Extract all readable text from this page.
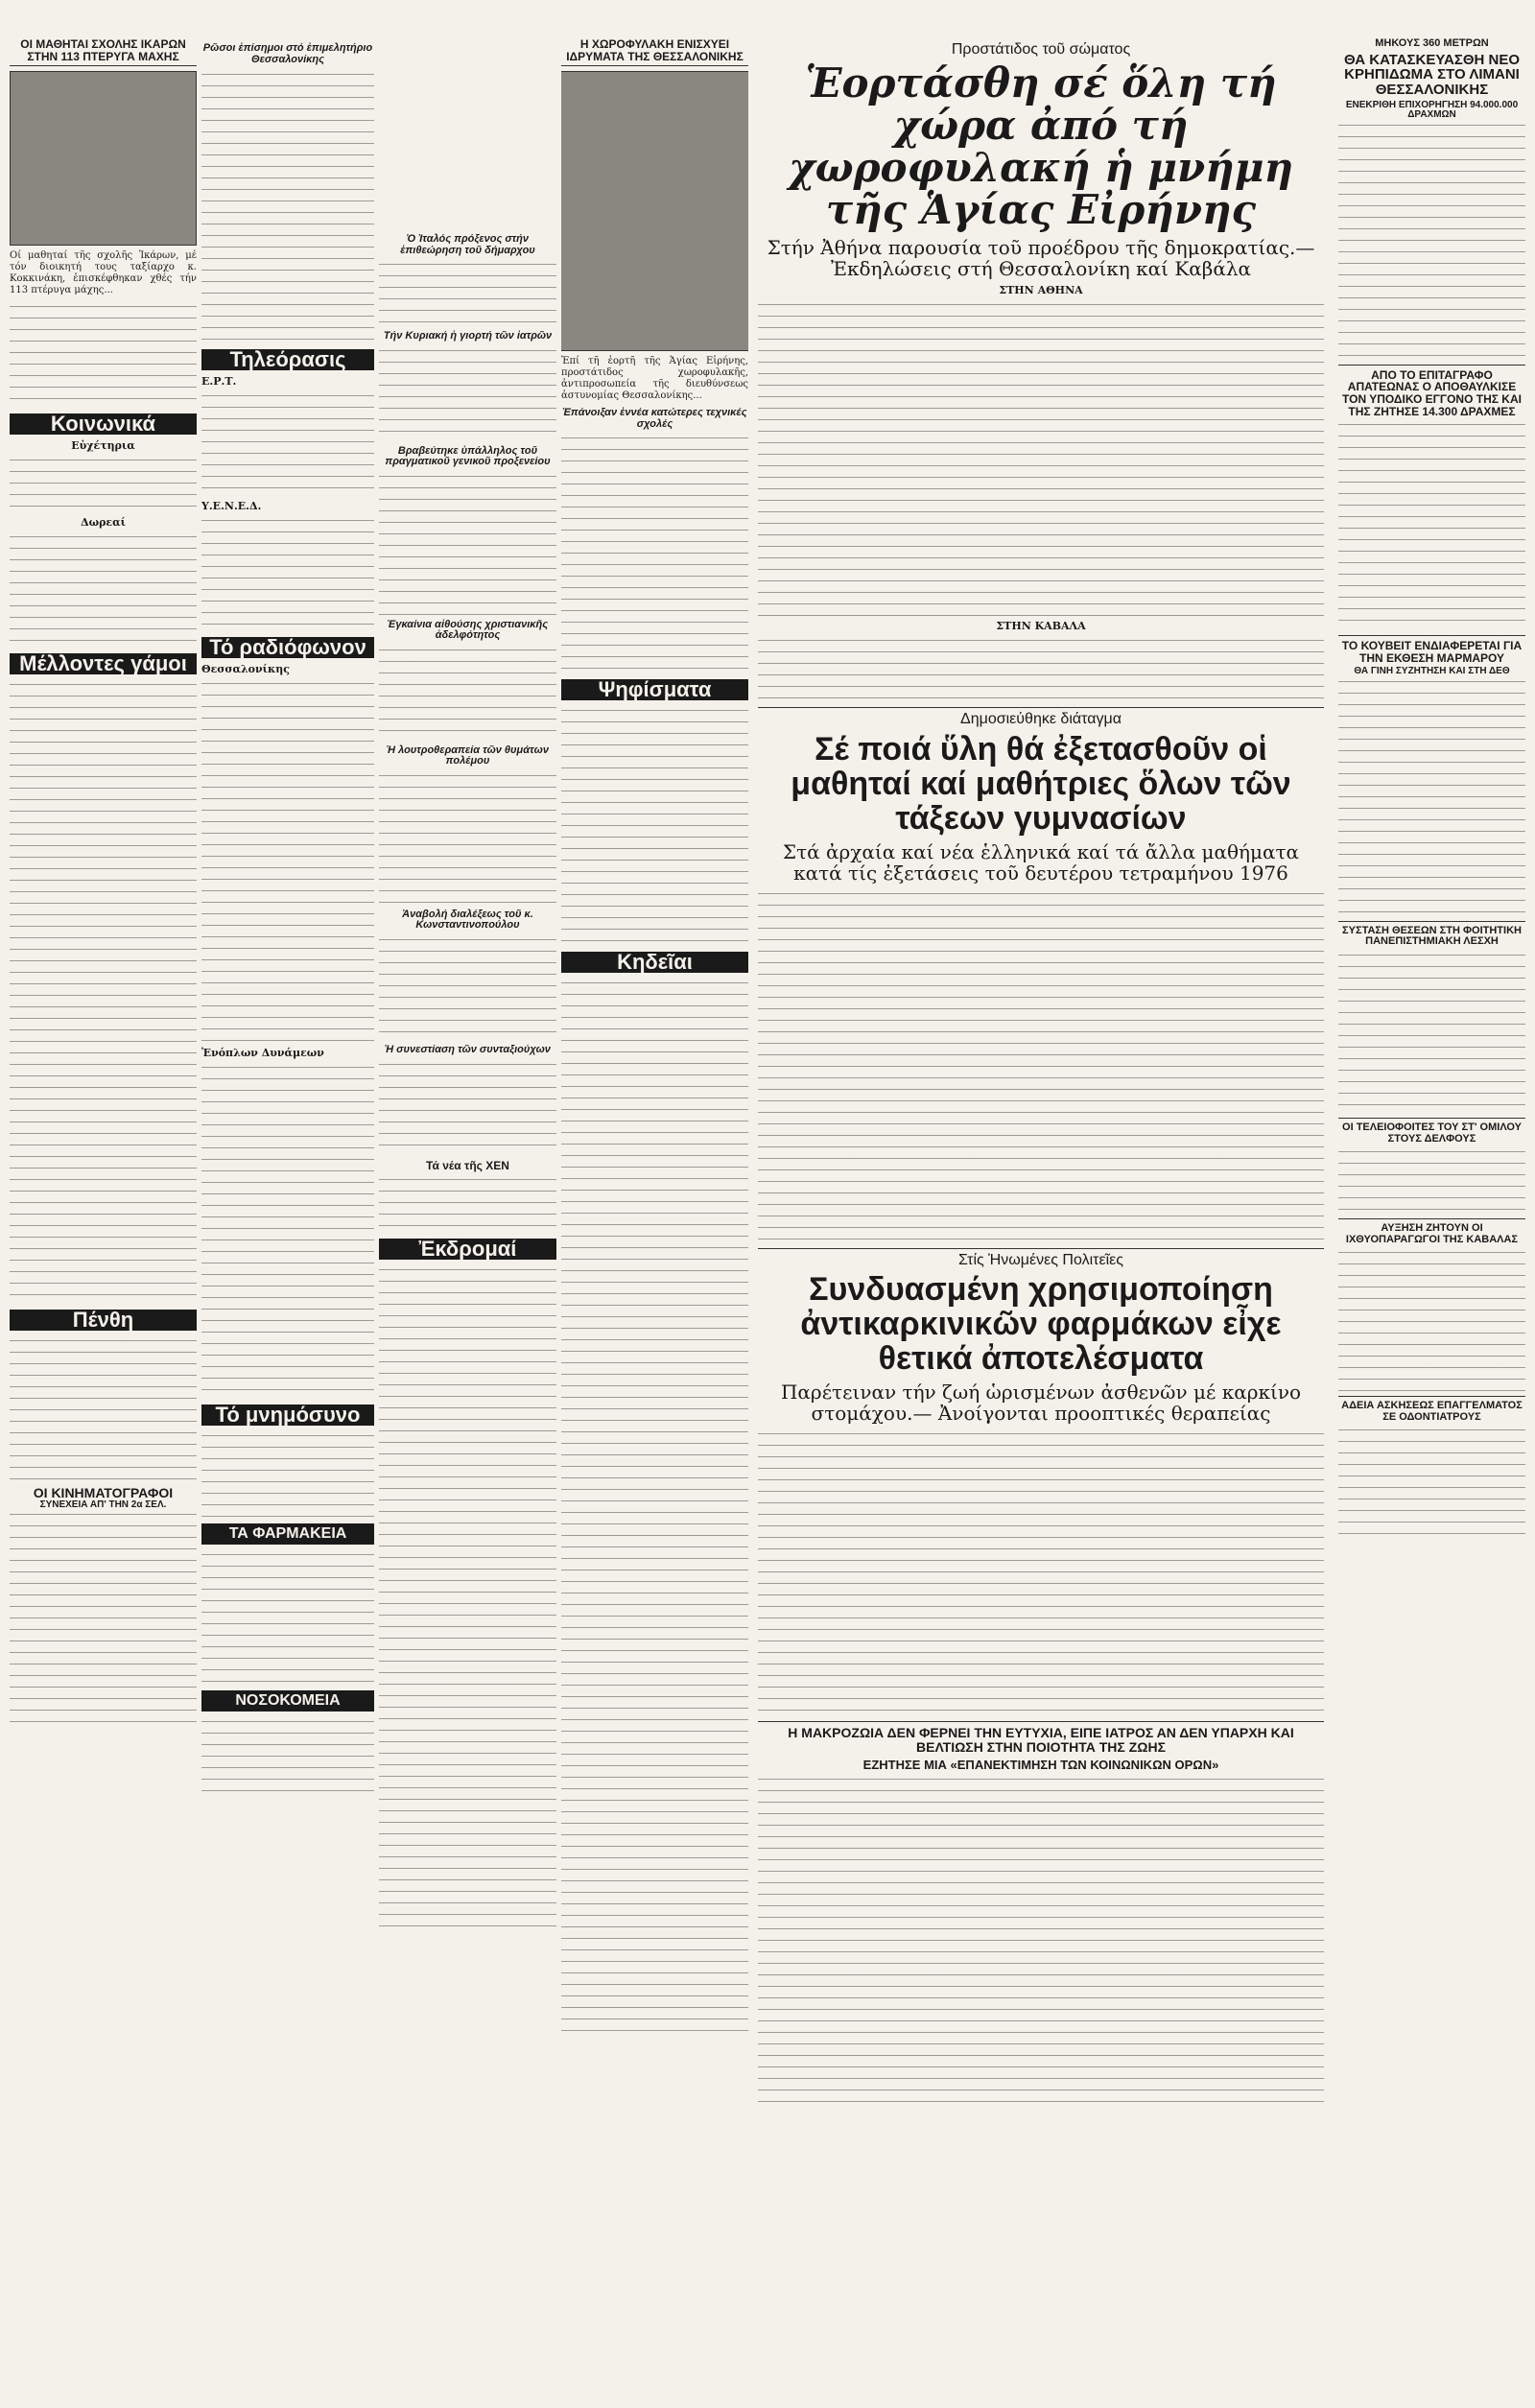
ΟΙ ΜΑΘΗΤΑΙ ΣΧΟΛΗΣ ΙΚΑΡΩΝ ΣΤΗΝ 113 ΠΤΕΡΥΓΑ ΜΑΧΗΣ

Οί μαθηταί τῆς σχολῆς Ἰκάρων, μέ τόν διοικητή τους ταξίαρχο κ. Κοκκινάκη, ἐπισκέφθηκαν χθές τήν 113 πτέρυγα μάχης...

Κοινωνικά
Εὐχέτηρια
Δωρεαί
Μέλλοντες γάμοι
Πένθη
ΟΙ ΚΙΝΗΜΑΤΟΓΡΑΦΟΙ
ΣΥΝΕΧΕΙΑ ΑΠ' ΤΗΝ 2α ΣΕΛ.
Ρῶσοι ἐπίσημοι στό ἐπιμελητήριο Θεσσαλονίκης
Τηλεόρασις
Ε.Ρ.Τ.
Υ.Ε.Ν.Ε.Δ.
Τό ραδιόφωνον
Θεσσαλονίκης
Ἐνόπλων Δυνάμεων
Τό μνημόσυνο
ΤΑ ΦΑΡΜΑΚΕΙΑ
ΝΟΣΟΚΟΜΕΙΑ
Ὁ Ἰταλός πρόξενος στήν ἐπιθεώρηση τοῦ δήμαρχου
Τήν Κυριακή ἡ γιορτή τῶν ἰατρῶν
Βραβεύτηκε ὑπάλληλος τοῦ πραγματικοῦ γενικοῦ προξενείου
Ἐγκαίνια αἰθούσης χριστιανικῆς ἀδελφότητος
Ἡ λουτροθεραπεία τῶν θυμάτων πολέμου
Ἀναβολή διαλέξεως τοῦ κ. Κωνσταντινοπούλου
Ἡ συνεστίαση τῶν συνταξιούχων
Τά νέα τῆς ΧΕΝ
Ἐκδρομαί
Η ΧΩΡΟΦΥΛΑΚΗ ΕΝΙΣΧΥΕΙ ΙΔΡΥΜΑΤΑ ΤΗΣ ΘΕΣΣΑΛΟΝΙΚΗΣ

Ἐπί τῆ ἑορτῆ τῆς Ἁγίας Εἰρήνης, προστάτιδος χωροφυλακῆς, ἀντιπροσωπεία τῆς διευθύνσεως ἀστυνομίας Θεσσαλονίκης...

Ἐπάνοιξαν ἐννέα κατώτερες τεχνικές σχολές
Ψηφίσματα
Κηδεῖαι
Προστάτιδος τοῦ σώματος
Ἑορτάσθη σέ ὅλη τή χώρα ἀπό τή χωροφυλακή ἡ μνήμη τῆς Ἁγίας Εἰρήνης
Στήν Ἀθήνα παρουσία τοῦ προέδρου τῆς δημοκρατίας.— Ἐκδηλώσεις στή Θεσσαλονίκη καί Καβάλα
ΣΤΗΝ ΑΘΗΝΑ
ΣΤΗΝ ΚΑΒΑΛΑ
Δημοσιεύθηκε διάταγμα
Σέ ποιά ὕλη θά ἐξετασθοῦν οἱ μαθηταί καί μαθήτριες ὅλων τῶν τάξεων γυμνασίων
Στά ἀρχαία καί νέα ἑλληνικά καί τά ἄλλα μαθήματα κατά τίς ἐξετάσεις τοῦ δευτέρου τετραμήνου 1976
Στίς Ἡνωμένες Πολιτεῖες
Συνδυασμένη χρησιμοποίηση ἀντικαρκινικῶν φαρμάκων εἶχε θετικά ἀποτελέσματα
Παρέτειναν τήν ζωή ὡρισμένων ἀσθενῶν μέ καρκίνο στομάχου.— Ἀνοίγονται προοπτικές θεραπείας
Η ΜΑΚΡΟΖΩΙΑ ΔΕΝ ΦΕΡΝΕΙ ΤΗΝ ΕΥΤΥΧΙΑ, ΕΙΠΕ ΙΑΤΡΟΣ ΑΝ ΔΕΝ ΥΠΑΡΧΗ ΚΑΙ ΒΕΛΤΙΩΣΗ ΣΤΗΝ ΠΟΙΟΤΗΤΑ ΤΗΣ ΖΩΗΣ
ΕΖΗΤΗΣΕ ΜΙΑ «ΕΠΑΝΕΚΤΙΜΗΣΗ ΤΩΝ ΚΟΙΝΩΝΙΚΩΝ ΟΡΩΝ»
ΜΗΚΟΥΣ 360 ΜΕΤΡΩΝ
ΘΑ ΚΑΤΑΣΚΕΥΑΣΘΗ ΝΕΟ ΚΡΗΠΙΔΩΜΑ ΣΤΟ ΛΙΜΑΝΙ ΘΕΣΣΑΛΟΝΙΚΗΣ
ΕΝΕΚΡΙΘΗ ΕΠΙΧΟΡΗΓΗΣΗ 94.000.000 ΔΡΑΧΜΩΝ
ΑΠΟ ΤΟ ΕΠΙΤΑΓΡΑΦΟ ΑΠΑΤΕΩΝΑΣ Ο ΑΠΟΘΑΥΛΚΙΣΕ ΤΟΝ ΥΠΟΔΙΚΟ ΕΓΓΟΝΟ ΤΗΣ ΚΑΙ ΤΗΣ ΖΗΤΗΣΕ 14.300 ΔΡΑΧΜΕΣ
ΤΟ ΚΟΥΒΕΙΤ ΕΝΔΙΑΦΕΡΕΤΑΙ ΓΙΑ ΤΗΝ ΕΚΘΕΣΗ ΜΑΡΜΑΡΟΥ
ΘΑ ΓΙΝΗ ΣΥΖΗΤΗΣΗ ΚΑΙ ΣΤΗ ΔΕΘ
ΣΥΣΤΑΣΗ ΘΕΣΕΩΝ ΣΤΗ ΦΟΙΤΗΤΙΚΗ ΠΑΝΕΠΙΣΤΗΜΙΑΚΗ ΛΕΣΧΗ
ΟΙ ΤΕΛΕΙΟΦΟΙΤΕΣ ΤΟΥ ΣΤ' ΟΜΙΛΟΥ ΣΤΟΥΣ ΔΕΛΦΟΥΣ
ΑΥΞΗΣΗ ΖΗΤΟΥΝ ΟΙ ΙΧΘΥΟΠΑΡΑΓΩΓΟΙ ΤΗΣ ΚΑΒΑΛΑΣ
ΑΔΕΙΑ ΑΣΚΗΣΕΩΣ ΕΠΑΓΓΕΛΜΑΤΟΣ ΣΕ ΟΔΟΝΤΙΑΤΡΟΥΣ
